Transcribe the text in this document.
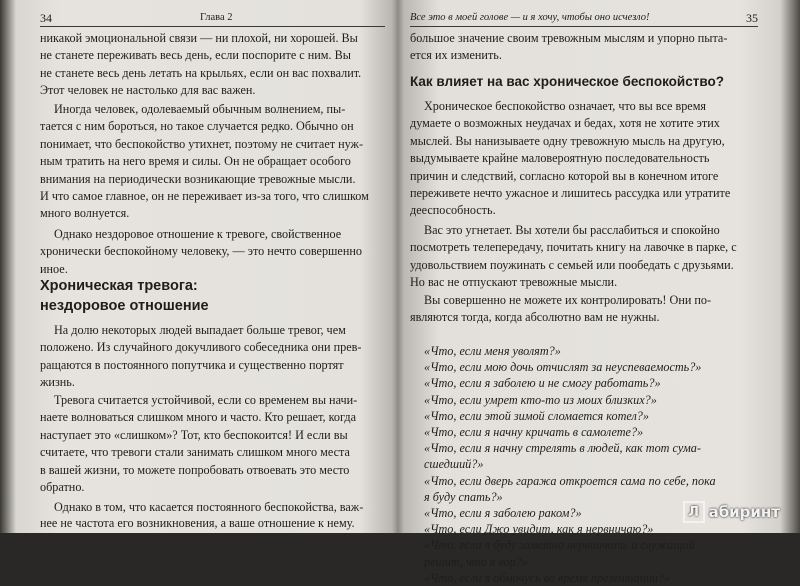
34	Глава 2
никакой эмоциональной связи — ни плохой, ни хорошей. Вы
не станете переживать весь день, если поспорите с ним. Вы
не станете весь день летать на крыльях, если он вас похвалит.
Этот человек не настолько для вас важен.
Иногда человек, одолеваемый обычным волнением, пы-
тается с ним бороться, но такое случается редко. Обычно он
понимает, что беспокойство утихнет, поэтому не считает нуж-
ным тратить на него время и силы. Он не обращает особого
внимания на периодически возникающие тревожные мысли.
И что самое главное, он не переживает из-за того, что слишком
много волнуется.
Однако нездоровое отношение к тревоге, свойственное
хронически беспокойному человеку, — это нечто совершенно
иное.
Хроническая тревога:
нездоровое отношение
На долю некоторых людей выпадает больше тревог, чем
положено. Из случайного докучливого собеседника они прев-
ращаются в постоянного попутчика и существенно портят
жизнь.
Тревога считается устойчивой, если со временем вы начи-
наете волноваться слишком много и часто. Кто решает, когда
наступает это «слишком»? Тот, кто беспокоится! И если вы
считаете, что тревоги стали занимать слишком много места
в вашей жизни, то можете попробовать отвоевать это место
обратно.
Однако в том, что касается постоянного беспокойства, важ-
нее не частота его возникновения, а ваше отношение к нему.
Все это в моей голове — и я хочу, чтобы оно исчезло!	35
большое значение своим тревожным мыслям и упорно пыта-
ется их изменить.
Как влияет на вас хроническое беспокойство?
Хроническое беспокойство означает, что вы все время
думаете о возможных неудачах и бедах, хотя не хотите этих
мыслей. Вы нанизываете одну тревожную мысль на другую,
выдумываете крайне маловероятную последовательность
причин и следствий, согласно которой вы в конечном итоге
переживете нечто ужасное и лишитесь рассудка или утратите
дееспособность.
Вас это угнетает. Вы хотели бы расслабиться и спокойно
посмотреть телепередачу, почитать книгу на лавочке в парке, с
удовольствием поужинать с семьей или пообедать с друзьями.
Но вас не отпускают тревожные мысли.
Вы совершенно не можете их контролировать! Они по-
являются тогда, когда абсолютно вам не нужны.
«Что, если меня уволят?»
«Что, если мою дочь отчислят за неуспеваемость?»
«Что, если я заболею и не смогу работать?»
«Что, если умрет кто-то из моих близких?»
«Что, если этой зимой сломается котел?»
«Что, если я начну кричать в самолете?»
«Что, если я начну стрелять в людей, как тот сума-
сшедший?»
«Что, если дверь гаража откроется сама по себе, пока
я буду спать?»
«Что, если я заболею раком?»
«Что, если Джо увидит, как я нервничаю?»
«Что, если я буду заметно нервничать и служащий
решит, что я вор?»
«Что, если я обмочусь во время презентации?»
Л абиринт
